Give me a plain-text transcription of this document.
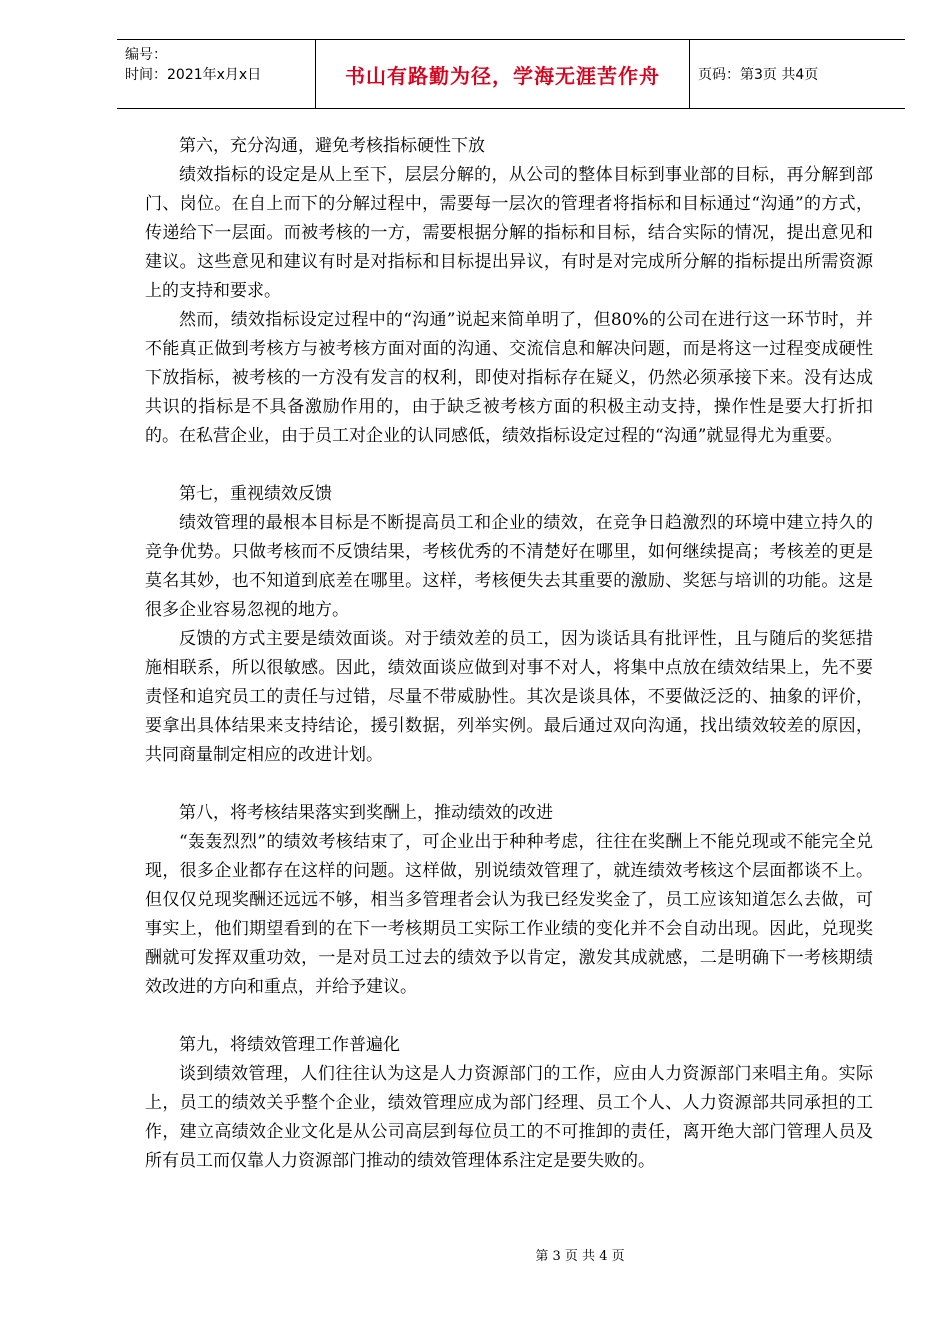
编号：
时间：2021年x月x日	书山有路勤为径，学海无涯苦作舟	页码：第3页 共4页

第六，充分沟通，避免考核指标硬性下放

绩效指标的设定是从上至下，层层分解的，从公司的整体目标到事业部的目标，再分解到部门、岗位。在自上而下的分解过程中，需要每一层次的管理者将指标和目标通过“沟通”的方式，传递给下一层面。而被考核的一方，需要根据分解的指标和目标，结合实际的情况，提出意见和建议。这些意见和建议有时是对指标和目标提出异议，有时是对完成所分解的指标提出所需资源上的支持和要求。

然而，绩效指标设定过程中的“沟通”说起来简单明了，但80%的公司在进行这一环节时，并不能真正做到考核方与被考核方面对面的沟通、交流信息和解决问题，而是将这一过程变成硬性下放指标，被考核的一方没有发言的权利，即使对指标存在疑义，仍然必须承接下来。没有达成共识的指标是不具备激励作用的，由于缺乏被考核方面的积极主动支持，操作性是要大打折扣的。在私营企业，由于员工对企业的认同感低，绩效指标设定过程的“沟通”就显得尤为重要。

第七，重视绩效反馈

绩效管理的最根本目标是不断提高员工和企业的绩效，在竞争日趋激烈的环境中建立持久的竞争优势。只做考核而不反馈结果，考核优秀的不清楚好在哪里，如何继续提高；考核差的更是莫名其妙，也不知道到底差在哪里。这样，考核便失去其重要的激励、奖惩与培训的功能。这是很多企业容易忽视的地方。

反馈的方式主要是绩效面谈。对于绩效差的员工，因为谈话具有批评性，且与随后的奖惩措施相联系，所以很敏感。因此，绩效面谈应做到对事不对人，将集中点放在绩效结果上，先不要责怪和追究员工的责任与过错，尽量不带威胁性。其次是谈具体，不要做泛泛的、抽象的评价，要拿出具体结果来支持结论，援引数据，列举实例。最后通过双向沟通，找出绩效较差的原因，共同商量制定相应的改进计划。

第八，将考核结果落实到奖酬上，推动绩效的改进

“轰轰烈烈”的绩效考核结束了，可企业出于种种考虑，往往在奖酬上不能兑现或不能完全兑现，很多企业都存在这样的问题。这样做，别说绩效管理了，就连绩效考核这个层面都谈不上。但仅仅兑现奖酬还远远不够，相当多管理者会认为我已经发奖金了，员工应该知道怎么去做，可事实上，他们期望看到的在下一考核期员工实际工作业绩的变化并不会自动出现。因此，兑现奖酬就可发挥双重功效，一是对员工过去的绩效予以肯定，激发其成就感，二是明确下一考核期绩效改进的方向和重点，并给予建议。

第九，将绩效管理工作普遍化

谈到绩效管理，人们往往认为这是人力资源部门的工作，应由人力资源部门来唱主角。实际上，员工的绩效关乎整个企业，绩效管理应成为部门经理、员工个人、人力资源部共同承担的工作，建立高绩效企业文化是从公司高层到每位员工的不可推卸的责任，离开绝大部门管理人员及所有员工而仅靠人力资源部门推动的绩效管理体系注定是要失败的。

第 3 页 共 4 页
